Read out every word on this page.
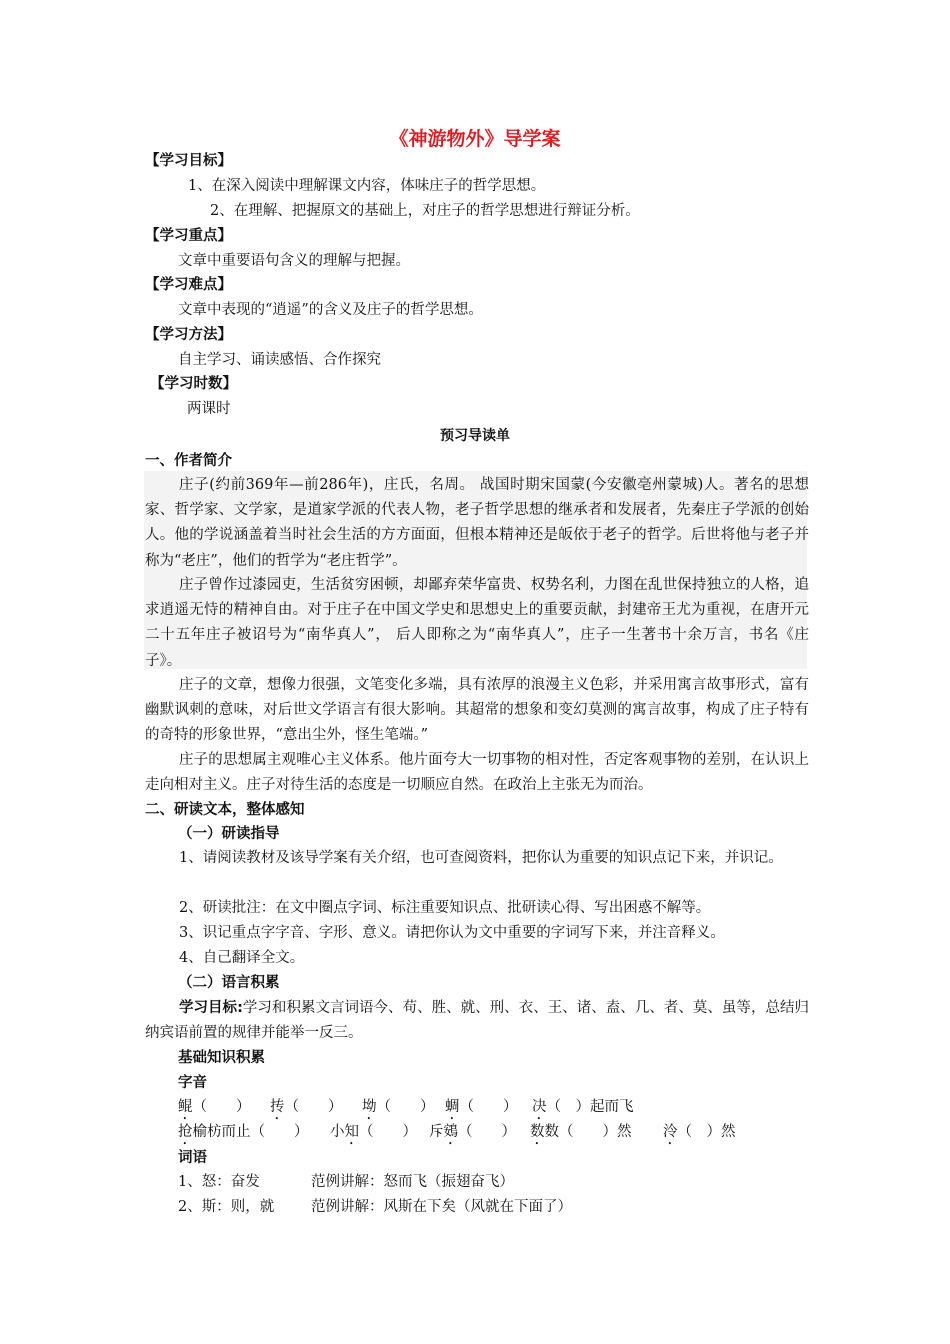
《神游物外》导学案
【学习目标】
1、在深入阅读中理解课文内容，体味庄子的哲学思想。
2、在理解、把握原文的基础上，对庄子的哲学思想进行辩证分析。
【学习重点】
文章中重要语句含义的理解与把握。
【学习难点】
文章中表现的“逍遥”的含义及庄子的哲学思想。
【学习方法】
自主学习、诵读感悟、合作探究
【学习时数】
两课时
预习导读单
一、作者简介
庄子(约前369年—前286年)，庄氏，名周。 战国时期宋国蒙(今安徽亳州蒙城)人。著名的思想家、哲学家、文学家，是道家学派的代表人物，老子哲学思想的继承者和发展者，先秦庄子学派的创始人。他的学说涵盖着当时社会生活的方方面面，但根本精神还是皈依于老子的哲学。后世将他与老子并称为“老庄”，他们的哲学为“老庄哲学”。
庄子曾作过漆园吏，生活贫穷困顿，却鄙弃荣华富贵、权势名利，力图在乱世保持独立的人格，追求逍遥无恃的精神自由。对于庄子在中国文学史和思想史上的重要贡献，封建帝王尤为重视，在唐开元二十五年庄子被诏号为“南华真人”， 后人即称之为“南华真人”，庄子一生著书十余万言，书名《庄子》。
庄子的文章，想像力很强，文笔变化多端，具有浓厚的浪漫主义色彩，并采用寓言故事形式，富有幽默讽刺的意味，对后世文学语言有很大影响。其超常的想象和变幻莫测的寓言故事，构成了庄子特有的奇特的形象世界，“意出尘外，怪生笔端。”
庄子的思想属主观唯心主义体系。他片面夸大一切事物的相对性，否定客观事物的差别，在认识上走向相对主义。庄子对待生活的态度是一切顺应自然。在政治上主张无为而治。
二、研读文本，整体感知
（一）研读指导
1、请阅读教材及该导学案有关介绍，也可查阅资料，把你认为重要的知识点记下来，并识记。
2、研读批注：在文中圈点字词、标注重要知识点、批研读心得、写出困惑不解等。
3、识记重点字字音、字形、意义。请把你认为文中重要的字词写下来，并注音释义。
4、自己翻译全文。
（二）语言积累
学习目标:学习和积累文言词语今、苟、胜、就、刑、衣、王、诸、盍、几、者、莫、虽等，总结归纳宾语前置的规律并能举一反三。
基础知识积累
字音
鲲（　　） 抟（　　） 坳（　　） 蜩（　　） 决（　）起而飞
抢榆枋而止（　　） 小知（　　） 斥鴳（　　） 数数（　　）然 泠（　）然
词语
1、怒：奋发	范例讲解：怒而飞（振翅奋飞）
2、斯：则，就	范例讲解：风斯在下矣（风就在下面了）
